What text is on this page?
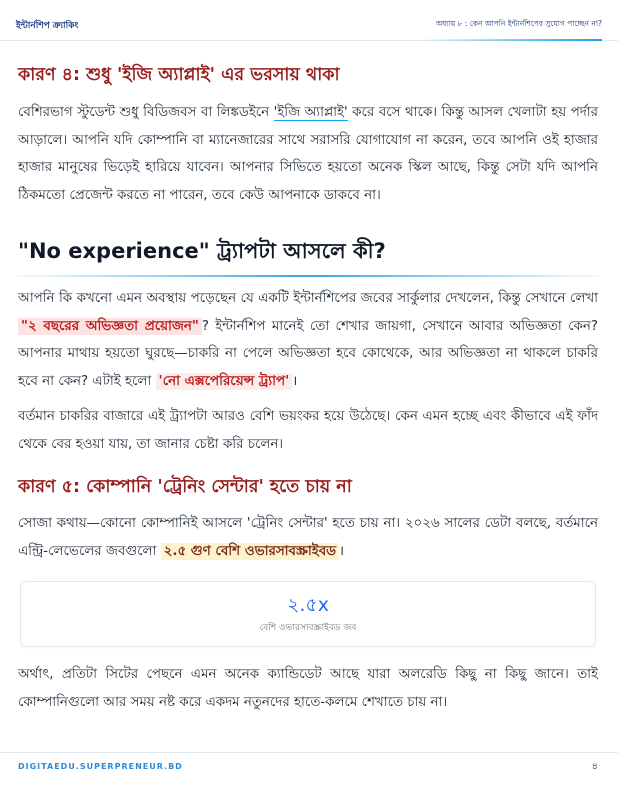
ইন্টার্নশিপ ক্র্যাকিং	অধ্যায় ৮ : কেন আপনি ইন্টার্নশিপের সুযোগ পাচ্ছেন না?
কারণ ৪: শুধু 'ইজি অ্যাপ্লাই' এর ভরসায় থাকা

বেশিরভাগ স্টুডেন্ট শুধু বিডিজবস বা লিঙ্কডইনে 'ইজি অ্যাপ্লাই' করে বসে থাকে। কিন্তু আসল খেলাটা হয় পর্দার আড়ালে। আপনি যদি কোম্পানি বা ম্যানেজারের সাথে সরাসরি যোগাযোগ না করেন, তবে আপনি ওই হাজার হাজার মানুষের ভিড়েই হারিয়ে যাবেন। আপনার সিভিতে হয়তো অনেক স্কিল আছে, কিন্তু সেটা যদি আপনি ঠিকমতো প্রেজেন্ট করতে না পারেন, তবে কেউ আপনাকে ডাকবে না।

"No experience" ট্র্যাপটা আসলে কী?

আপনি কি কখনো এমন অবস্থায় পড়েছেন যে একটি ইন্টার্নশিপের জবের সার্কুলার দেখলেন, কিন্তু সেখানে লেখা "২ বছরের অভিজ্ঞতা প্রয়োজন" ? ইন্টার্নশিপ মানেই তো শেখার জায়গা, সেখানে আবার অভিজ্ঞতা কেন? আপনার মাথায় হয়তো ঘুরছে—চাকরি না পেলে অভিজ্ঞতা হবে কোথেকে, আর অভিজ্ঞতা না থাকলে চাকরি হবে না কেন? এটাই হলো 'নো এক্সপেরিয়েন্স ট্র্যাপ' ।

বর্তমান চাকরির বাজারে এই ট্র্যাপটা আরও বেশি ভয়ংকর হয়ে উঠেছে। কেন এমন হচ্ছে এবং কীভাবে এই ফাঁদ থেকে বের হওয়া যায়, তা জানার চেষ্টা করি চলেন।

কারণ ৫: কোম্পানি 'ট্রেনিং সেন্টার' হতে চায় না

সোজা কথায়—কোনো কোম্পানিই আসলে 'ট্রেনিং সেন্টার' হতে চায় না। ২০২৬ সালের ডেটা বলছে, বর্তমানে এন্ট্রি-লেভেলের জবগুলো ২.৫ গুণ বেশি ওভারসাবস্ক্রাইবড ।

২.৫x
বেশি ওভারসাবস্ক্রাইবড জব

অর্থাৎ, প্রতিটা সিটের পেছনে এমন অনেক ক্যান্ডিডেট আছে যারা অলরেডি কিছু না কিছু জানে। তাই কোম্পানিগুলো আর সময় নষ্ট করে একদম নতুনদের হাতে-কলমে শেখাতে চায় না।

DIGITAEDU.SUPERPRENEUR.BD	৪
